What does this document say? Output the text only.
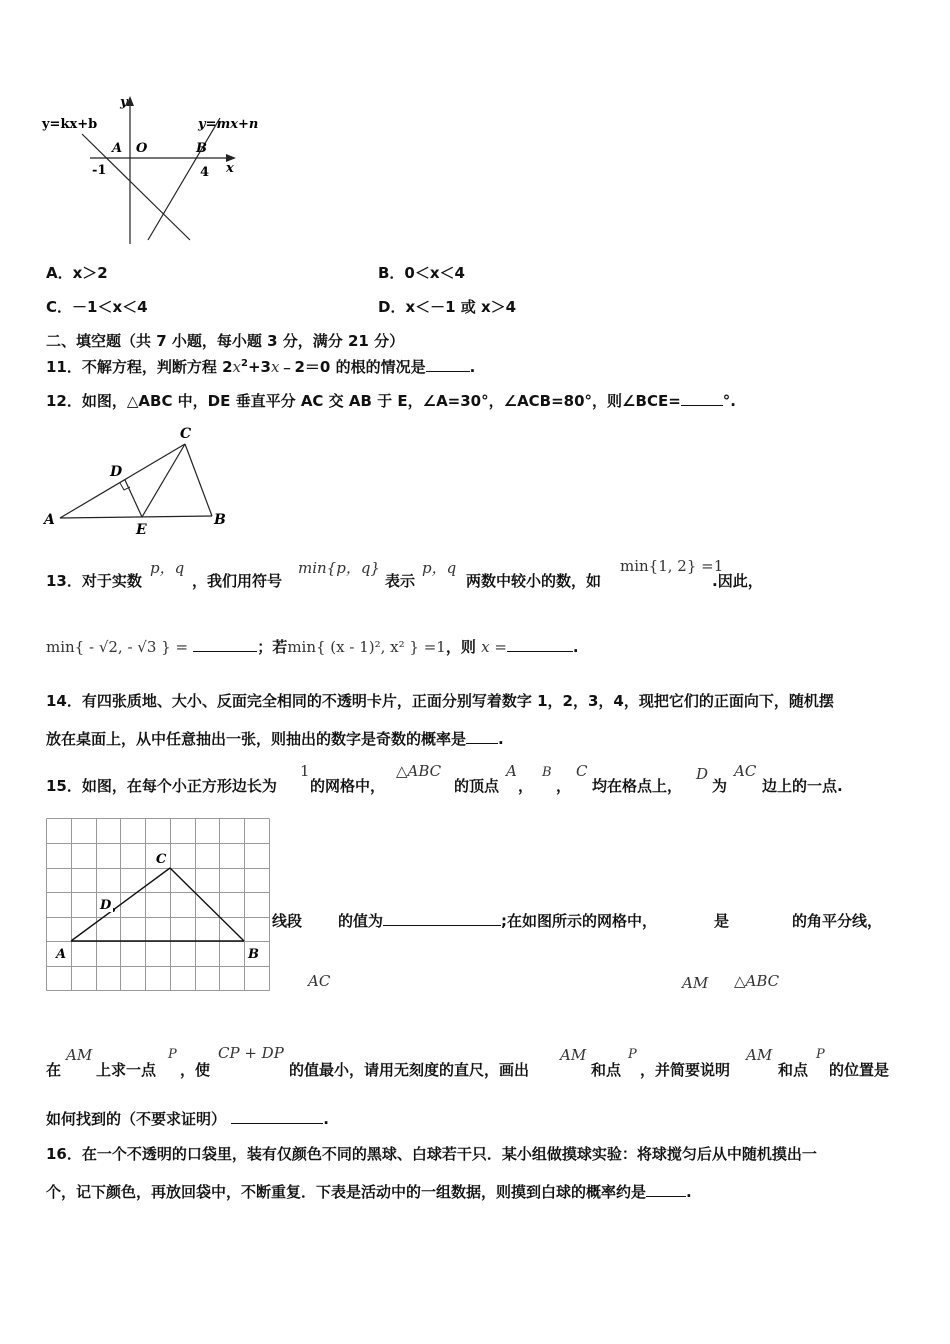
y
x
O
y=kx+b	y=mx+n
A	B
-1	4
A．x＞2	B．0＜x＜4
C．－1＜x＜4	D．x＜－1 或 x＞4
二、填空题（共 7 小题，每小题 3 分，满分 21 分）
11．不解方程，判断方程 $2x^2+3x﹣2=0$ 的根的情况是	.
12．如图，△ABC 中，DE 垂直平分 AC 交 AB 于 E，∠A=30°，∠ACB=80°，则∠BCE=	°.
A	B
C
D
E
13．对于实数
p，q
，我们用符号
min{p，q}
表示
p，q
两数中较小的数，如
min{1, 2} =1
.因此，
min{ - √2, - √3 } =	；若min{ (x - 1)², x² } =1，则 x =	.
14．有四张质地、大小、反面完全相同的不透明卡片，正面分别写着数字 1，2，3，4，现把它们的正面向下，随机摆
放在桌面上，从中任意抽出一张，则抽出的数字是奇数的概率是 .
15．如图，在每个小正方形边长为
1
的网格中，
△ABC
的顶点
A
，
B
，
C
均在格点上，
D
为
AC
边上的一点.
A	B
C
D
线段 的值为	;在如图所示的网格中，	是	的角平分线，
AC	AM △ABC
在
AM
上求一点
P
，使
CP + DP
的值最小，请用无刻度的直尺，画出
AM
和点
P
，并简要说明
AM
和点
P
的位置是
如何找到的（不要求证明）	.
16．在一个不透明的口袋里，装有仅颜色不同的黑球、白球若干只．某小组做摸球实验：将球搅匀后从中随机摸出一
个，记下颜色，再放回袋中，不断重复．下表是活动中的一组数据，则摸到白球的概率约是	.
